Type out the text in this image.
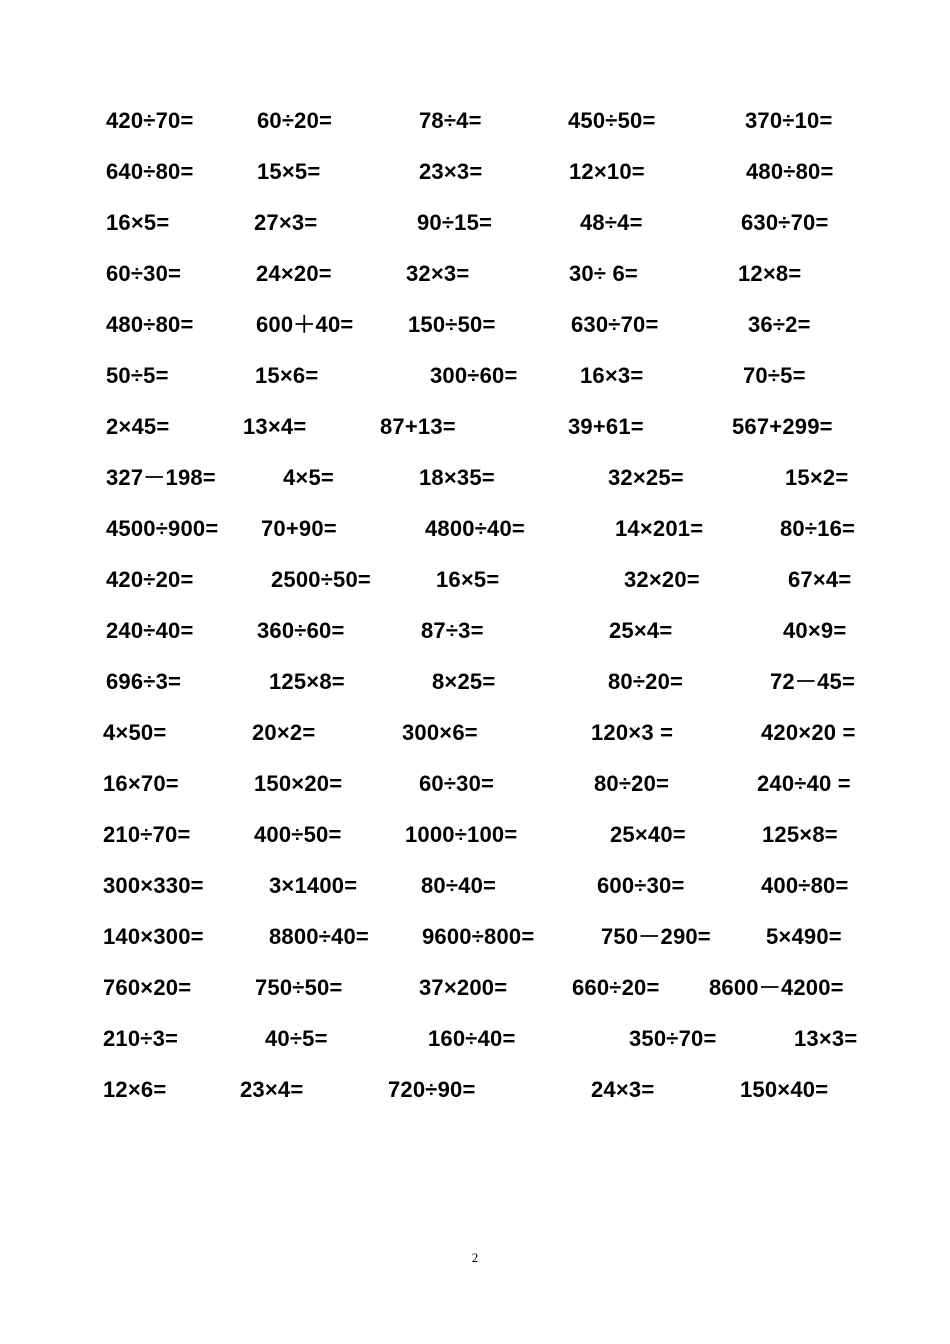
420÷70=	60÷20=	78÷4=	450÷50=	370÷10=
640÷80=	15×5=	23×3=	12×10=	480÷80=
16×5=	27×3=	90÷15=	48÷4=	630÷70=
60÷30=	24×20=	32×3=	30÷ 6=	12×8=
480÷80=	600＋40= 150÷50=	630÷70=	36÷2=
50÷5=	15×6=	300÷60=	16×3=	70÷5=
2×45=	13×4=	87+13=	39+61=	567+299=
327－198=	4×5=	18×35=	32×25=	15×2=
4500÷900= 70+90=	4800÷40=	14×201=	80÷16=
420÷20=	2500÷50=	16×5=	32×20=	67×4=
240÷40=	360÷60=	87÷3=	25×4=	40×9=
696÷3=	125×8=	8×25=	80÷20=	72－45=
4×50=	20×2=	300×6=	120×3 =	420×20 =
16×70=	150×20=	60÷30=	80÷20=	240÷40 =
210÷70=	400÷50=	1000÷100=	25×40=	125×8=
300×330=	3×1400=	80÷40=	600÷30=	400÷80=
140×300=	8800÷40= 9600÷800=	750－290=	5×490=
760×20=	750÷50=	37×200=	660÷20= 8600－4200=
210÷3=	40÷5=	160÷40=	350÷70=	13×3=
12×6=	23×4=	720÷90=	24×3=	150×40=
2
